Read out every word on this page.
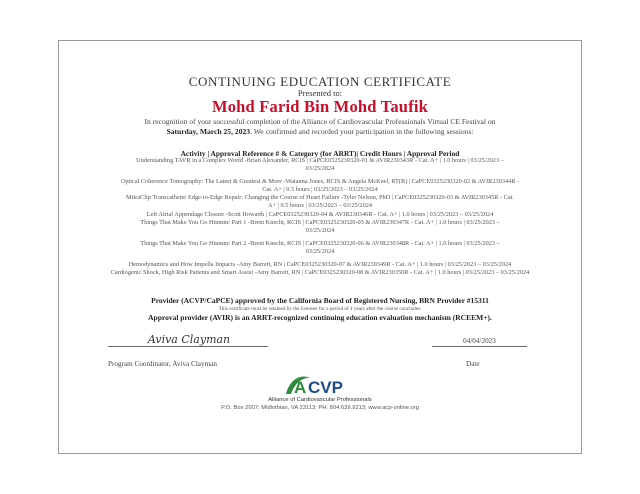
CONTINUING EDUCATION CERTIFICATE
Presented to:
Mohd Farid Bin Mohd Taufik
In recognition of your successful completion of the Alliance of Cardiovascular Professionals Virtual CE Festival on
Saturday, March 25, 2023. We confirmed and recorded your participation in the following sessions:
Activity | Approval Reference # & Category (for ARRT)| Credit Hours | Approval Period
Understanding TAVR in a Complex World -Brian Alexander, RCIS | CaPCE0325230320-01 & AVIR230343R - Cat. A+ | 1.0 hours | 03/25/2023 –
03/25/2024
Optical Coherence Tomography: The Latest & Greatest & More -Watanna Jones, RCIS & Angela McKeel, RT(R) | CaPCE0325230320-02 & AVIR230344R -
Cat. A+ | 0.5 hours | 03/25/2023 – 03/25/2024
MitraClip Transcatheter Edge-to-Edge Repair: Changing the Course of Heart Failure -Tyler Nelson, PhD | CaPCE0325230320-03 & AVIR230345R - Cat.
A+ | 0.5 hours | 03/25/2023 – 03/25/2024
Left Atrial Appendage Closure -Scott Howarth | CaPCE0325230320-04 & AVIR230346R - Cat. A+ | 1.0 hours | 03/25/2023 – 03/25/2024
Things That Make You Go Hmmm/ Part 1 -Brent Knecht, RCIS | CaPCE0325230320-05 & AVIR230347R - Cat. A+ | 1.0 hours | 03/25/2023 –
03/25/2024
Things That Make You Go Hmmm/ Part 2 -Brent Knecht, RCIS | CaPCE0325230320-06 & AVIR230348R - Cat. A+ | 1.0 hours | 03/25/2023 –
03/25/2024
Hemodynamics and How Impella Impacts -Amy Barrett, RN | CaPCE0325230320-07 & AVIR230349R - Cat. A+ | 1.0 hours | 03/25/2023 – 03/25/2024
Cardiogenic Shock, High Risk Patients and Smart Assist -Amy Barrett, RN | CaPCE0325230320-08 & AVIR230350R - Cat. A+ | 1.0 hours | 03/25/2023 – 03/25/2024
Provider (ACVP/CaPCE) approved by the California Board of Registered Nursing, BRN Provider #15311
This certificate must be retained by the licensee for a period of 4 years after the course concludes.
Approval provider (AVIR) is an ARRT-recognized continuing education evaluation mechanism (RCEEM+).
Aviva Clayman	04/04/2023
Program Coordinator, Aviva Clayman	Date
A CVP
Alliance of Cardiovascular Professionals
P.O. Box 2007; Midlothian, VA 23113; PH: 804.639.9213; www.acp-online.org
